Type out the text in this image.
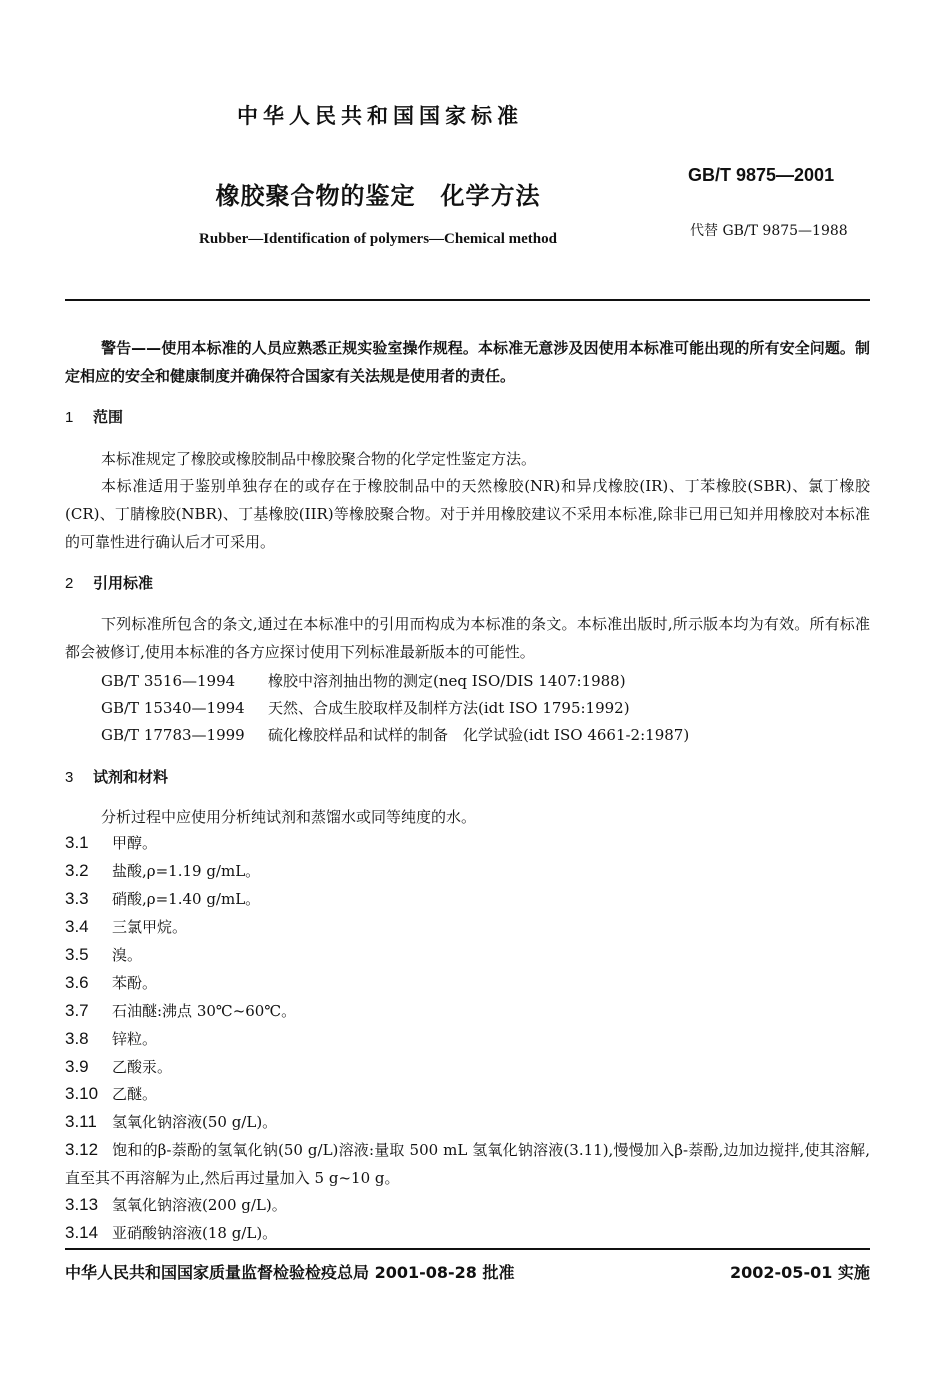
中华人民共和国国家标准
GB/T 9875—2001
橡胶聚合物的鉴定　化学方法
代替 GB/T 9875—1988
Rubber—Identification of polymers—Chemical method
警告——使用本标准的人员应熟悉正规实验室操作规程。本标准无意涉及因使用本标准可能出现的所有安全问题。制定相应的安全和健康制度并确保符合国家有关法规是使用者的责任。
1 范围
本标准规定了橡胶或橡胶制品中橡胶聚合物的化学定性鉴定方法。
本标准适用于鉴别单独存在的或存在于橡胶制品中的天然橡胶(NR)和异戊橡胶(IR)、丁苯橡胶(SBR)、氯丁橡胶(CR)、丁腈橡胶(NBR)、丁基橡胶(IIR)等橡胶聚合物。对于并用橡胶建议不采用本标准,除非已用已知并用橡胶对本标准的可靠性进行确认后才可采用。
2 引用标准
下列标准所包含的条文,通过在本标准中的引用而构成为本标准的条文。本标准出版时,所示版本均为有效。所有标准都会被修订,使用本标准的各方应探讨使用下列标准最新版本的可能性。
GB/T 3516—1994 橡胶中溶剂抽出物的测定(neq ISO/DIS 1407:1988)
GB/T 15340—1994 天然、合成生胶取样及制样方法(idt ISO 1795:1992)
GB/T 17783—1999 硫化橡胶样品和试样的制备　化学试验(idt ISO 4661-2:1987)
3 试剂和材料
分析过程中应使用分析纯试剂和蒸馏水或同等纯度的水。
3.1 甲醇。
3.2 盐酸,ρ=1.19 g/mL。
3.3 硝酸,ρ=1.40 g/mL。
3.4 三氯甲烷。
3.5 溴。
3.6 苯酚。
3.7 石油醚:沸点 30℃~60℃。
3.8 锌粒。
3.9 乙酸汞。
3.10 乙醚。
3.11 氢氧化钠溶液(50 g/L)。
3.12 饱和的β-萘酚的氢氧化钠(50 g/L)溶液:量取 500 mL 氢氧化钠溶液(3.11),慢慢加入β-萘酚,边加边搅拌,使其溶解,直至其不再溶解为止,然后再过量加入 5 g~10 g。
3.13 氢氧化钠溶液(200 g/L)。
3.14 亚硝酸钠溶液(18 g/L)。
中华人民共和国国家质量监督检验检疫总局 2001-08-28 批准	2002-05-01 实施
